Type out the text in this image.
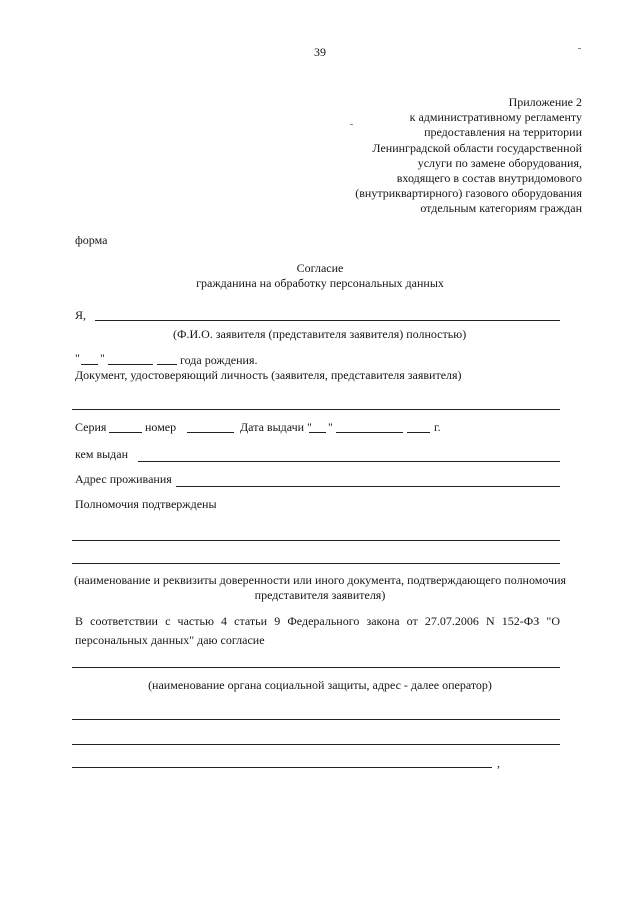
39
Приложение 2
к административному регламенту
предоставления на территории
Ленинградской области государственной
услуги по замене оборудования,
входящего в состав внутридомового
(внутриквартирного) газового оборудования
отдельным категориям граждан
форма
Согласие
гражданина на обработку персональных данных
Я,
(Ф.И.О. заявителя (представителя заявителя) полностью)
" "	года рождения.
Документ, удостоверяющий личность (заявителя, представителя заявителя)
Серия	номер	Дата выдачи " "	г.
кем выдан
Адрес проживания
Полномочия подтверждены
(наименование и реквизиты доверенности или иного документа, подтверждающего полномочия
представителя заявителя)
В соответствии с частью 4 статьи 9 Федерального закона от 27.07.2006 N 152-ФЗ "О персональных данных" даю согласие
(наименование органа социальной защиты, адрес - далее оператор)
,
